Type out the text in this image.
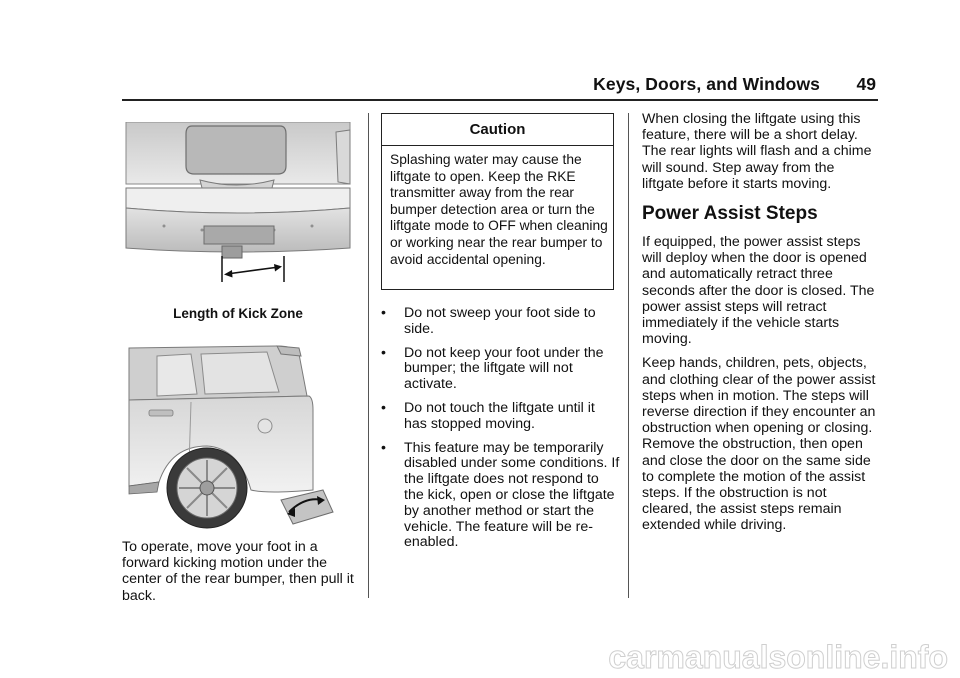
Keys, Doors, and Windows 49
Length of Kick Zone

To operate, move your foot in a forward kicking motion under the center of the rear bumper, then pull it back.

Caution
Splashing water may cause the liftgate to open. Keep the RKE transmitter away from the rear bumper detection area or turn the liftgate mode to OFF when cleaning or working near the rear bumper to avoid accidental opening.
• Do not sweep your foot side to side.
• Do not keep your foot under the bumper; the liftgate will not activate.
• Do not touch the liftgate until it has stopped moving.
• This feature may be temporarily disabled under some conditions. If the liftgate does not respond to the kick, open or close the liftgate by another method or start the vehicle. The feature will be re-enabled.

When closing the liftgate using this feature, there will be a short delay. The rear lights will flash and a chime will sound. Step away from the liftgate before it starts moving.

Power Assist Steps

If equipped, the power assist steps will deploy when the door is opened and automatically retract three seconds after the door is closed. The power assist steps will retract immediately if the vehicle starts moving.

Keep hands, children, pets, objects, and clothing clear of the power assist steps when in motion. The steps will reverse direction if they encounter an obstruction when opening or closing. Remove the obstruction, then open and close the door on the same side to complete the motion of the assist steps. If the obstruction is not cleared, the assist steps remain extended while driving.

carmanualsonline.info
